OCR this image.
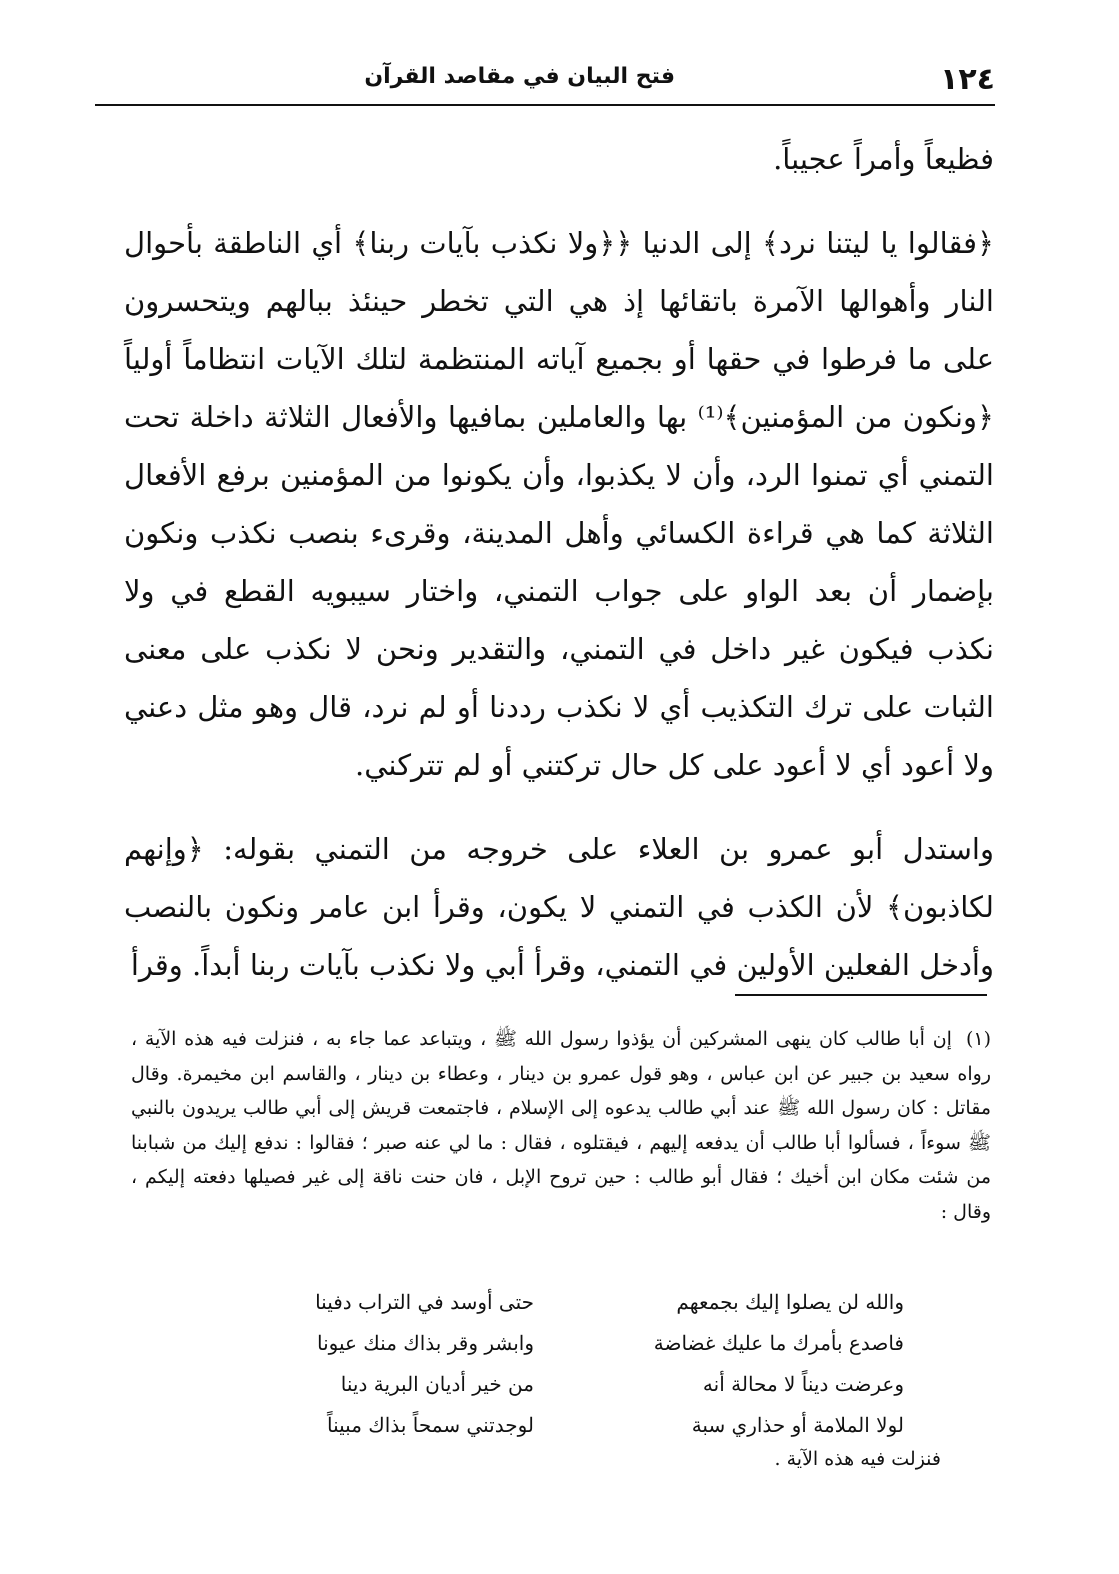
١٢٤
فتح البيان في مقاصد القرآن

فظيعاً وأمراً عجيباً.

﴿فقالوا يا ليتنا نرد﴾ إلى الدنيا ﴿﴿ولا نكذب بآيات ربنا﴾ أي الناطقة بأحوال النار وأهوالها الآمرة باتقائها إذ هي التي تخطر حينئذ ببالهم ويتحسرون على ما فرطوا في حقها أو بجميع آياته المنتظمة لتلك الآيات انتظاماً أولياً ﴿ونكون من المؤمنين﴾⁽¹⁾ بها والعاملين بمافيها والأفعال الثلاثة داخلة تحت التمني أي تمنوا الرد، وأن لا يكذبوا، وأن يكونوا من المؤمنين برفع الأفعال الثلاثة كما هي قراءة الكسائي وأهل المدينة، وقرىء بنصب نكذب ونكون بإضمار أن بعد الواو على جواب التمني، واختار سيبويه القطع في ولا نكذب فيكون غير داخل في التمني، والتقدير ونحن لا نكذب على معنى الثبات على ترك التكذيب أي لا نكذب رددنا أو لم نرد، قال وهو مثل دعني ولا أعود أي لا أعود على كل حال تركتني أو لم تتركني.

واستدل أبو عمرو بن العلاء على خروجه من التمني بقوله: ﴿وإنهم لكاذبون﴾ لأن الكذب في التمني لا يكون، وقرأ ابن عامر ونكون بالنصب وأدخل الفعلين الأولين في التمني، وقرأ أبي ولا نكذب بآيات ربنا أبداً. وقرأ

(١)إن أبا طالب كان ينهى المشركين أن يؤذوا رسول الله ﷺ ، ويتباعد عما جاء به ، فنزلت فيه هذه الآية ، رواه سعيد بن جبير عن ابن عباس ، وهو قول عمرو بن دينار ، وعطاء بن دينار ، والقاسم ابن مخيمرة. وقال مقاتل : كان رسول الله ﷺ عند أبي طالب يدعوه إلى الإسلام ، فاجتمعت قريش إلى أبي طالب يريدون بالنبي ﷺ سوءاً ، فسألوا أبا طالب أن يدفعه إليهم ، فيقتلوه ، فقال : ما لي عنه صبر ؛ فقالوا : ندفع إليك من شبابنا من شئت مكان ابن أخيك ؛ فقال أبو طالب : حين تروح الإبل ، فان حنت ناقة إلى غير فصيلها دفعته إليكم ، وقال :

والله لن يصلوا إليك بجمعهم
حتى أوسد في التراب دفينا
فاصدع بأمرك ما عليك غضاضة
وابشر وقر بذاك منك عيونا
وعرضت ديناً لا محالة أنه
من خير أديان البرية دينا
لولا الملامة أو حذاري سبة
لوجدتني سمحاً بذاك مبيناً
فنزلت فيه هذه الآية .
